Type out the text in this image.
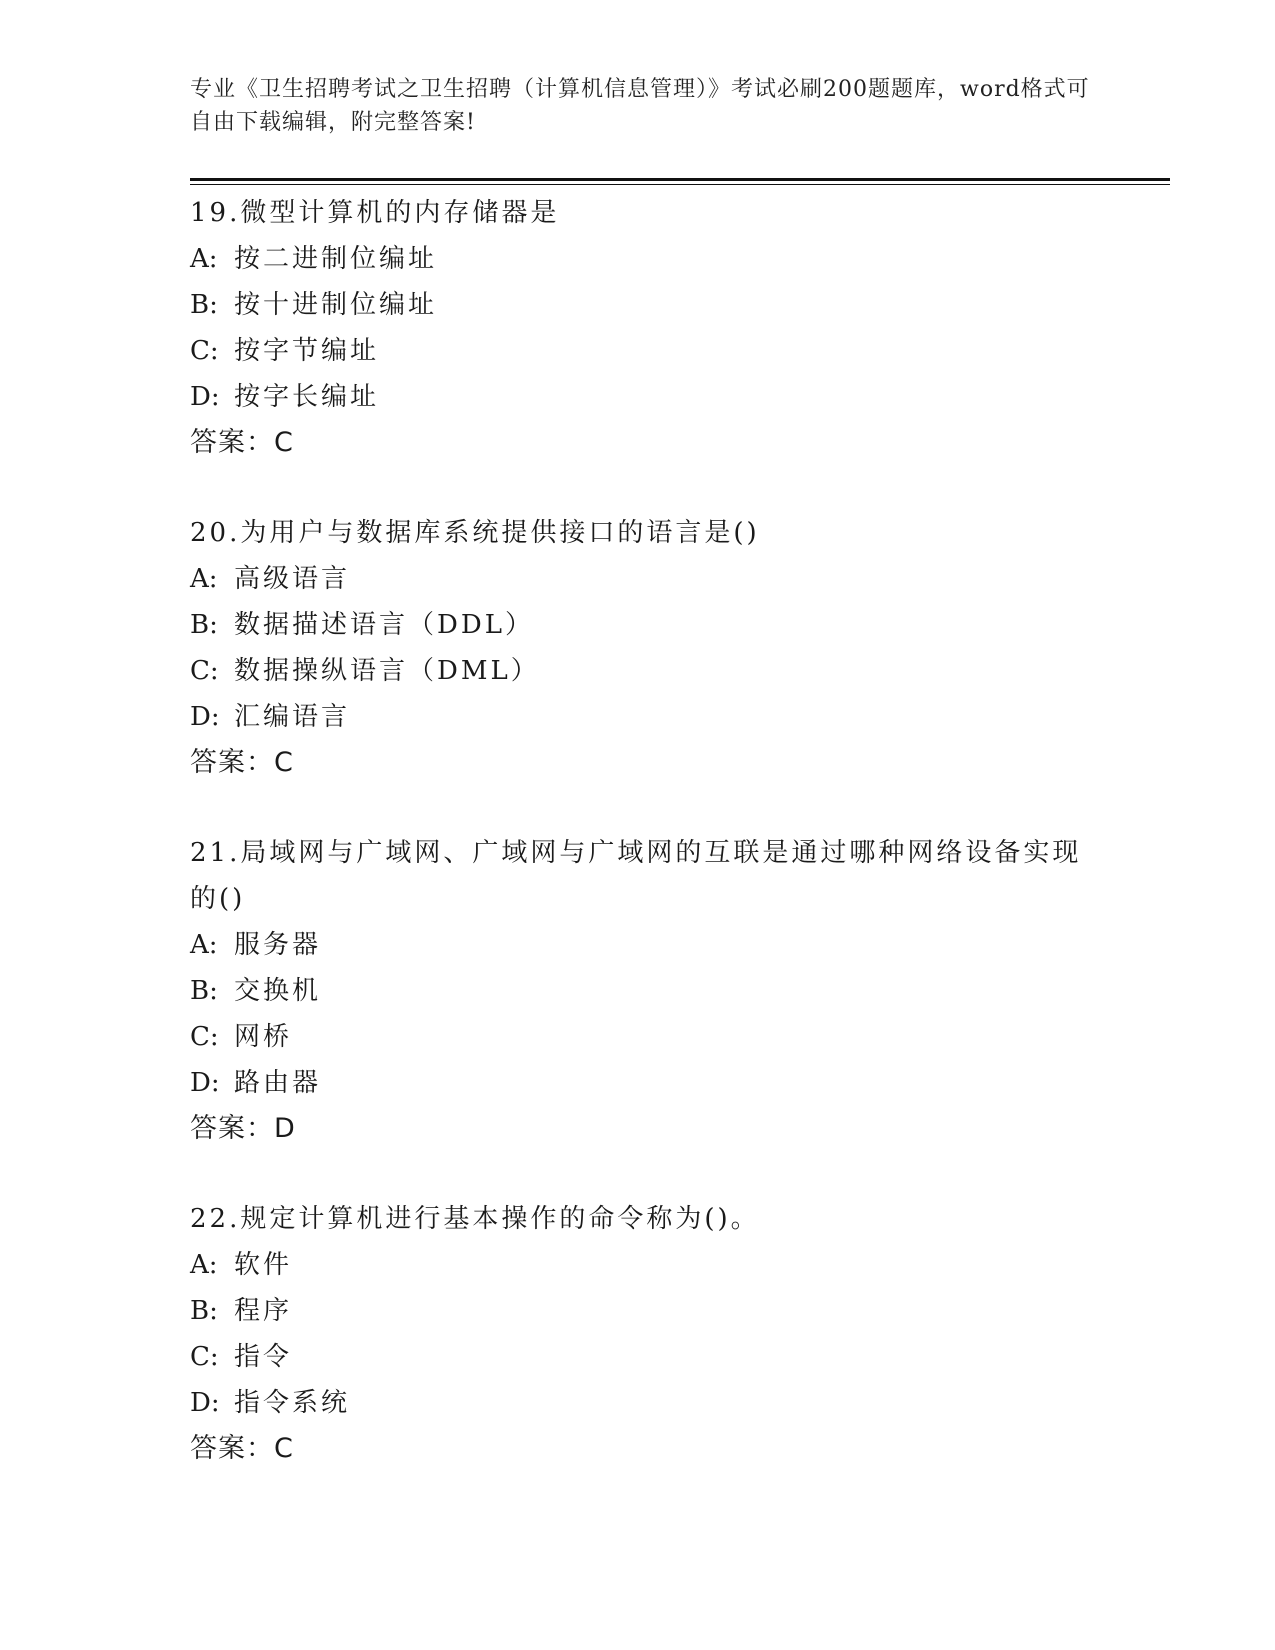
专业《卫生招聘考试之卫生招聘（计算机信息管理）》考试必刷200题题库，word格式可自由下载编辑，附完整答案!
19.微型计算机的内存储器是
A: 按二进制位编址
B: 按十进制位编址
C: 按字节编址
D: 按字长编址
答案：C
20.为用户与数据库系统提供接口的语言是()
A: 高级语言
B: 数据描述语言（DDL）
C: 数据操纵语言（DML）
D: 汇编语言
答案：C
21.局域网与广域网、广域网与广域网的互联是通过哪种网络设备实现的()
A: 服务器
B: 交换机
C: 网桥
D: 路由器
答案：D
22.规定计算机进行基本操作的命令称为()。
A: 软件
B: 程序
C: 指令
D: 指令系统
答案：C
